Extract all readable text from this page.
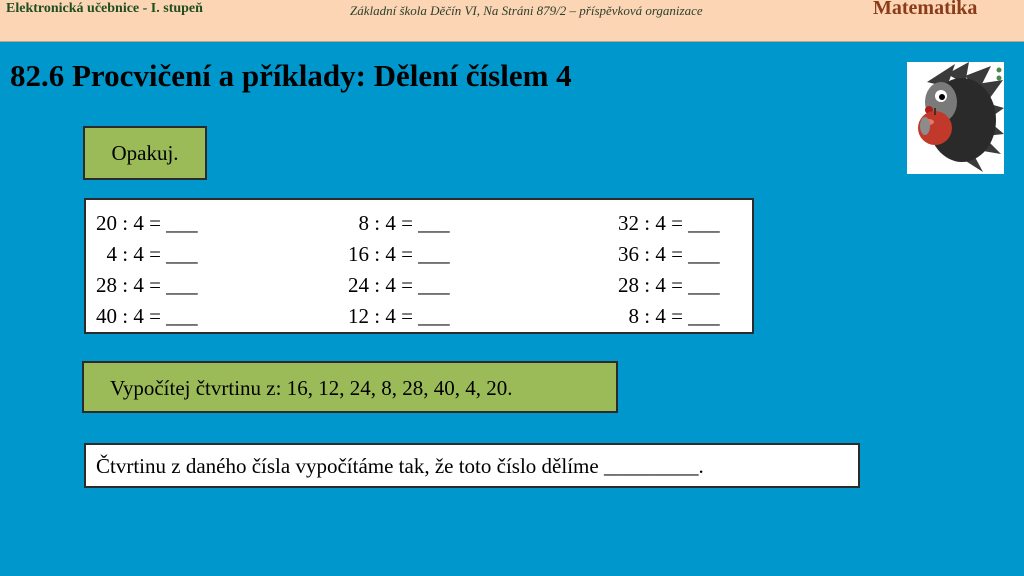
Elektronická učebnice - I. stupeň	Základní škola Děčín VI, Na Stráni 879/2 – příspěvková organizace	Matematika
82.6 Procvičení a příklady: Dělení číslem 4
Opakuj.
20 : 4 = ___
4 : 4 = ___
28 : 4 = ___
40 : 4 = ___
8 : 4 = ___
16 : 4 = ___
24 : 4 = ___
12 : 4 = ___
32 : 4 = ___
36 : 4 = ___
28 : 4 = ___
8 : 4 = ___
Vypočítej čtvrtinu z: 16, 12, 24, 8, 28, 40, 4, 20.
Čtvrtinu z daného čísla vypočítáme tak, že toto číslo dělíme _________.
